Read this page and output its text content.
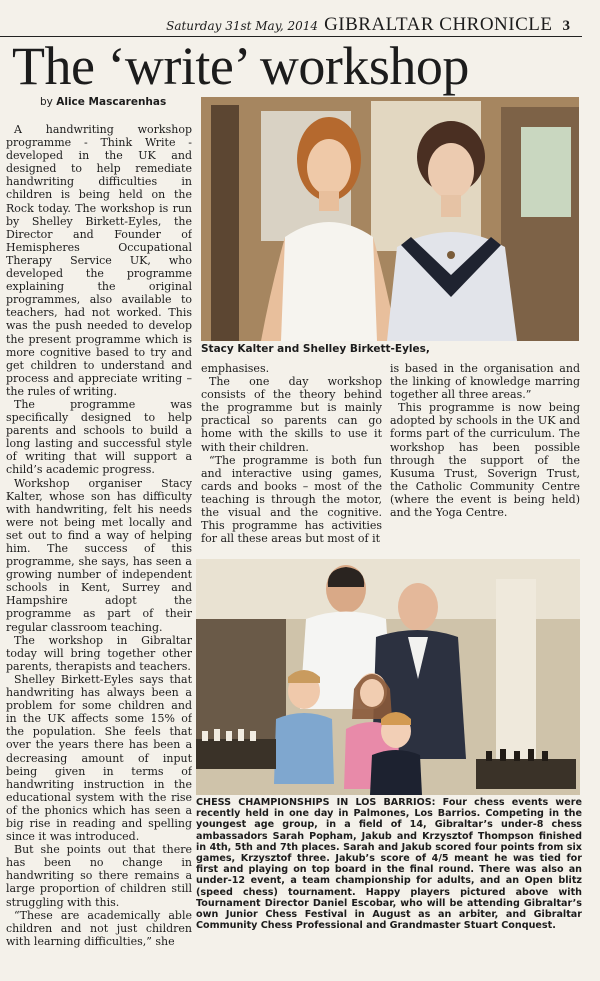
Saturday 31st May, 2014 GIBRALTAR CHRONICLE 3
The ‘write’ workshop
by Alice Mascarenhas

A handwriting workshop programme - Think Write - developed in the UK and designed to help remediate handwriting difficulties in children is being held on the Rock today. The workshop is run by Shelley Birkett-Eyles, the Director and Founder of Hemispheres Occupational Therapy Service UK, who developed the programme explaining the original programmes, also available to teachers, had not worked. This was the push needed to develop the present programme which is more cognitive based to try and get children to understand and process and appreciate writing – the rules of writing.

The programme was specifically designed to help parents and schools to build a long lasting and successful style of writing that will support a child’s academic progress.

Workshop organiser Stacy Kalter, whose son has difficulty with handwriting, felt his needs were not being met locally and set out to find a way of helping him. The success of this programme, she says, has seen a growing number of independent schools in Kent, Surrey and Hampshire adopt the programme as part of their regular classroom teaching.

The workshop in Gibraltar today will bring together other parents, therapists and teachers.

Shelley Birkett-Eyles says that handwriting has always been a problem for some children and in the UK affects some 15% of the population. She feels that over the years there has been a decreasing amount of input being given in terms of handwriting instruction in the educational system with the rise of the phonics which has seen a big rise in reading and spelling since it was introduced.

But she points out that there has been no change in handwriting so there remains a large proportion of children still struggling with this.

“These are academically able children and not just children with learning difficulties,” she

Stacy Kalter and Shelley Birkett-Eyles,

emphasises.

The one day workshop consists of the theory behind the programme but is mainly practical so parents can go home with the skills to use it with their children.

“The programme is both fun and interactive using games, cards and books – most of the teaching is through the motor, the visual and the cognitive. This programme has activities for all these areas but most of it

is based in the organisation and the linking of knowledge marring together all three areas.”

This programme is now being adopted by schools in the UK and forms part of the curriculum. The workshop has been possible through the support of the Kusuma Trust, Soverign Trust, the Catholic Community Centre (where the event is being held) and the Yoga Centre.

CHESS CHAMPIONSHIPS IN LOS BARRIOS: Four chess events were recently held in one day in Palmones, Los Barrios. Competing in the youngest age group, in a field of 14, Gibraltar’s under-8 chess ambassadors Sarah Popham, Jakub and Krzysztof Thompson finished in 4th, 5th and 7th places. Sarah and Jakub scored four points from six games, Krzysztof three. Jakub’s score of 4/5 meant he was tied for first and playing on top board in the final round. There was also an under-12 event, a team championship for adults, and an Open blitz (speed chess) tournament. Happy players pictured above with Tournament Director Daniel Escobar, who will be attending Gibraltar’s own Junior Chess Festival in August as an arbiter, and Gibraltar Community Chess Professional and Grandmaster Stuart Conquest.
